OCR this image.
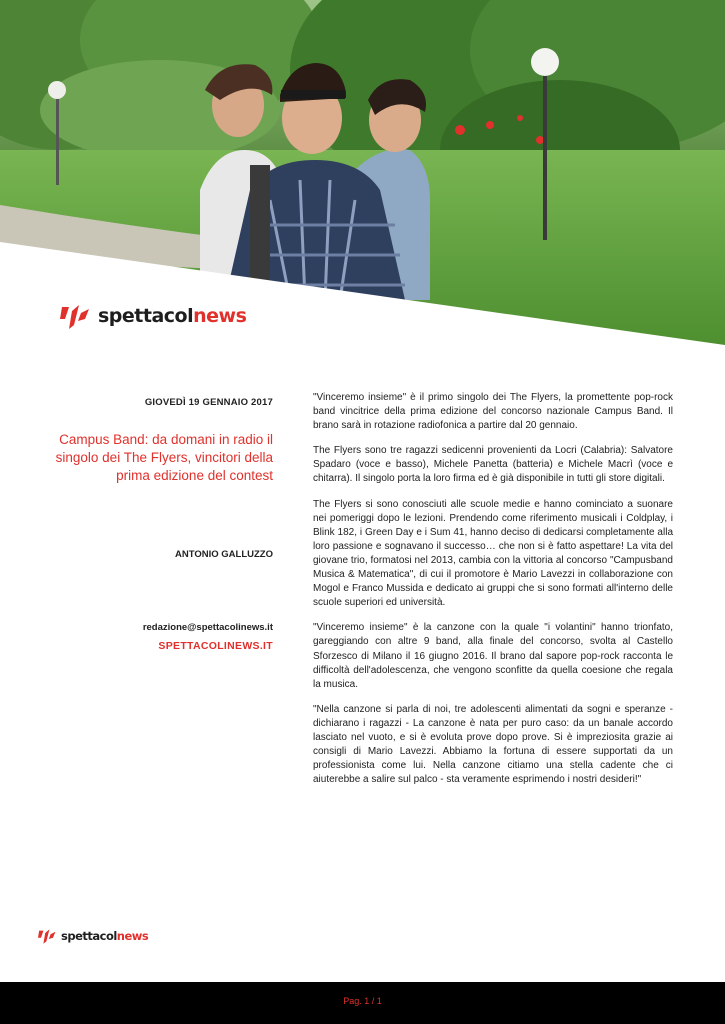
spettacolnews
GIOVEDÌ 19 GENNAIO 2017
Campus Band: da domani in radio il singolo dei The Flyers, vincitori della prima edizione del contest
ANTONIO GALLUZZO
redazione@spettacolinews.it
SPETTACOLINEWS.IT

"Vinceremo insieme" è il primo singolo dei The Flyers, la promettente pop-rock band vincitrice della prima edizione del concorso nazionale Campus Band. Il brano sarà in rotazione radiofonica a partire dal 20 gennaio.

The Flyers sono tre ragazzi sedicenni provenienti da Locri (Calabria): Salvatore Spadaro (voce e basso), Michele Panetta (batteria) e Michele Macrì (voce e chitarra). Il singolo porta la loro firma ed è già disponibile in tutti gli store digitali.

The Flyers si sono conosciuti alle scuole medie e hanno cominciato a suonare nei pomeriggi dopo le lezioni. Prendendo come riferimento musicali i Coldplay, i Blink 182, i Green Day e i Sum 41, hanno deciso di dedicarsi completamente alla loro passione e sognavano il successo… che non si è fatto aspettare! La vita del giovane trio, formatosi nel 2013, cambia con la vittoria al concorso "Campusband Musica & Matematica", di cui il promotore è Mario Lavezzi in collaborazione con Mogol e Franco Mussida e dedicato ai gruppi che si sono formati all'interno delle scuole superiori ed università.

"Vinceremo insieme" è la canzone con la quale "i volantini" hanno trionfato, gareggiando con altre 9 band, alla finale del concorso, svolta al Castello Sforzesco di Milano il 16 giugno 2016. Il brano dal sapore pop-rock racconta le difficoltà dell'adolescenza, che vengono sconfitte da quella coesione che regala la musica.

"Nella canzone si parla di noi, tre adolescenti alimentati da sogni e speranze - dichiarano i ragazzi - La canzone è nata per puro caso: da un banale accordo lasciato nel vuoto, e si è evoluta prove dopo prove. Si è impreziosita grazie ai consigli di Mario Lavezzi. Abbiamo la fortuna di essere supportati da un professionista come lui. Nella canzone citiamo una stella cadente che ci aiuterebbe a salire sul palco - sta veramente esprimendo i nostri desideri!"

spettacolnews
Pag. 1 / 1
